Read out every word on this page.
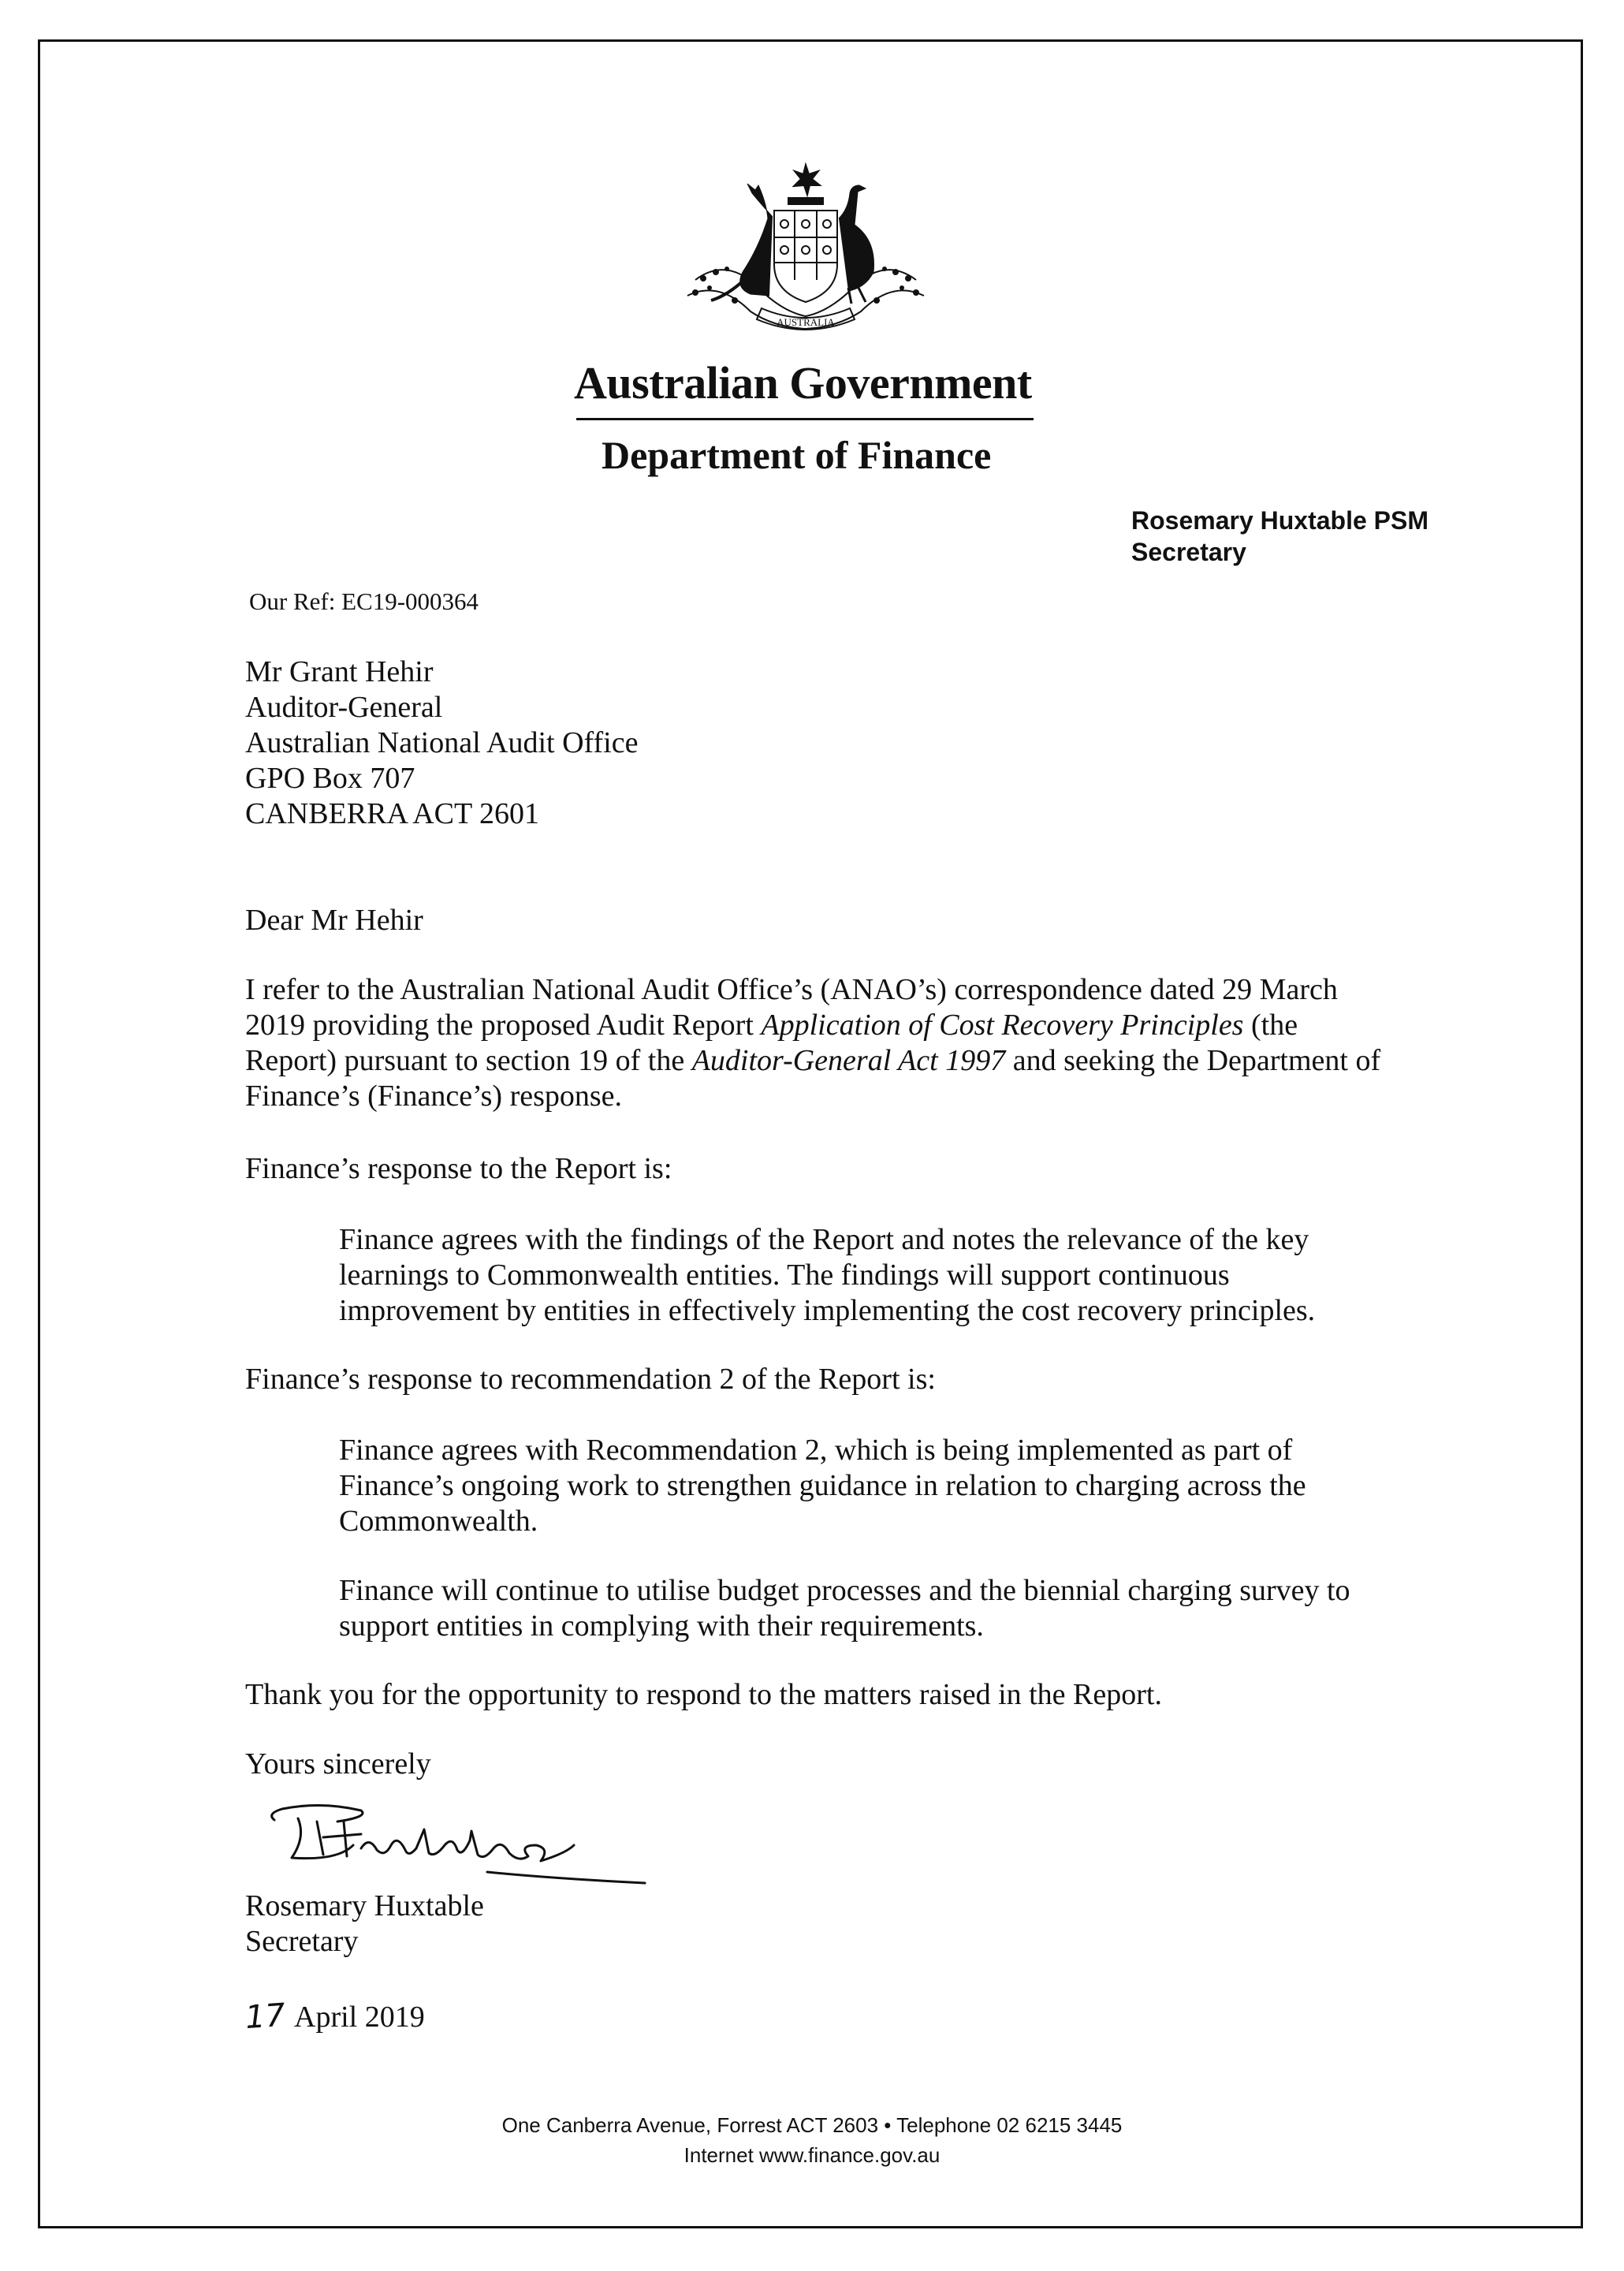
AUSTRALIA
Australian Government
Department of Finance
Rosemary Huxtable PSM
Secretary
Our Ref: EC19-000364
Mr Grant Hehir
Auditor-General
Australian National Audit Office
GPO Box 707
CANBERRA ACT 2601
Dear Mr Hehir
I refer to the Australian National Audit Office’s (ANAO’s) correspondence dated 29 March 2019 providing the proposed Audit Report Application of Cost Recovery Principles (the Report) pursuant to section 19 of the Auditor-General Act 1997 and seeking the Department of Finance’s (Finance’s) response.
Finance’s response to the Report is:
Finance agrees with the findings of the Report and notes the relevance of the key learnings to Commonwealth entities. The findings will support continuous improvement by entities in effectively implementing the cost recovery principles.
Finance’s response to recommendation 2 of the Report is:
Finance agrees with Recommendation 2, which is being implemented as part of Finance’s ongoing work to strengthen guidance in relation to charging across the Commonwealth.
Finance will continue to utilise budget processes and the biennial charging survey to support entities in complying with their requirements.
Thank you for the opportunity to respond to the matters raised in the Report.
Yours sincerely
Rosemary Huxtable
Secretary
17 April 2019
One Canberra Avenue, Forrest ACT 2603 • Telephone 02 6215 3445
Internet www.finance.gov.au
